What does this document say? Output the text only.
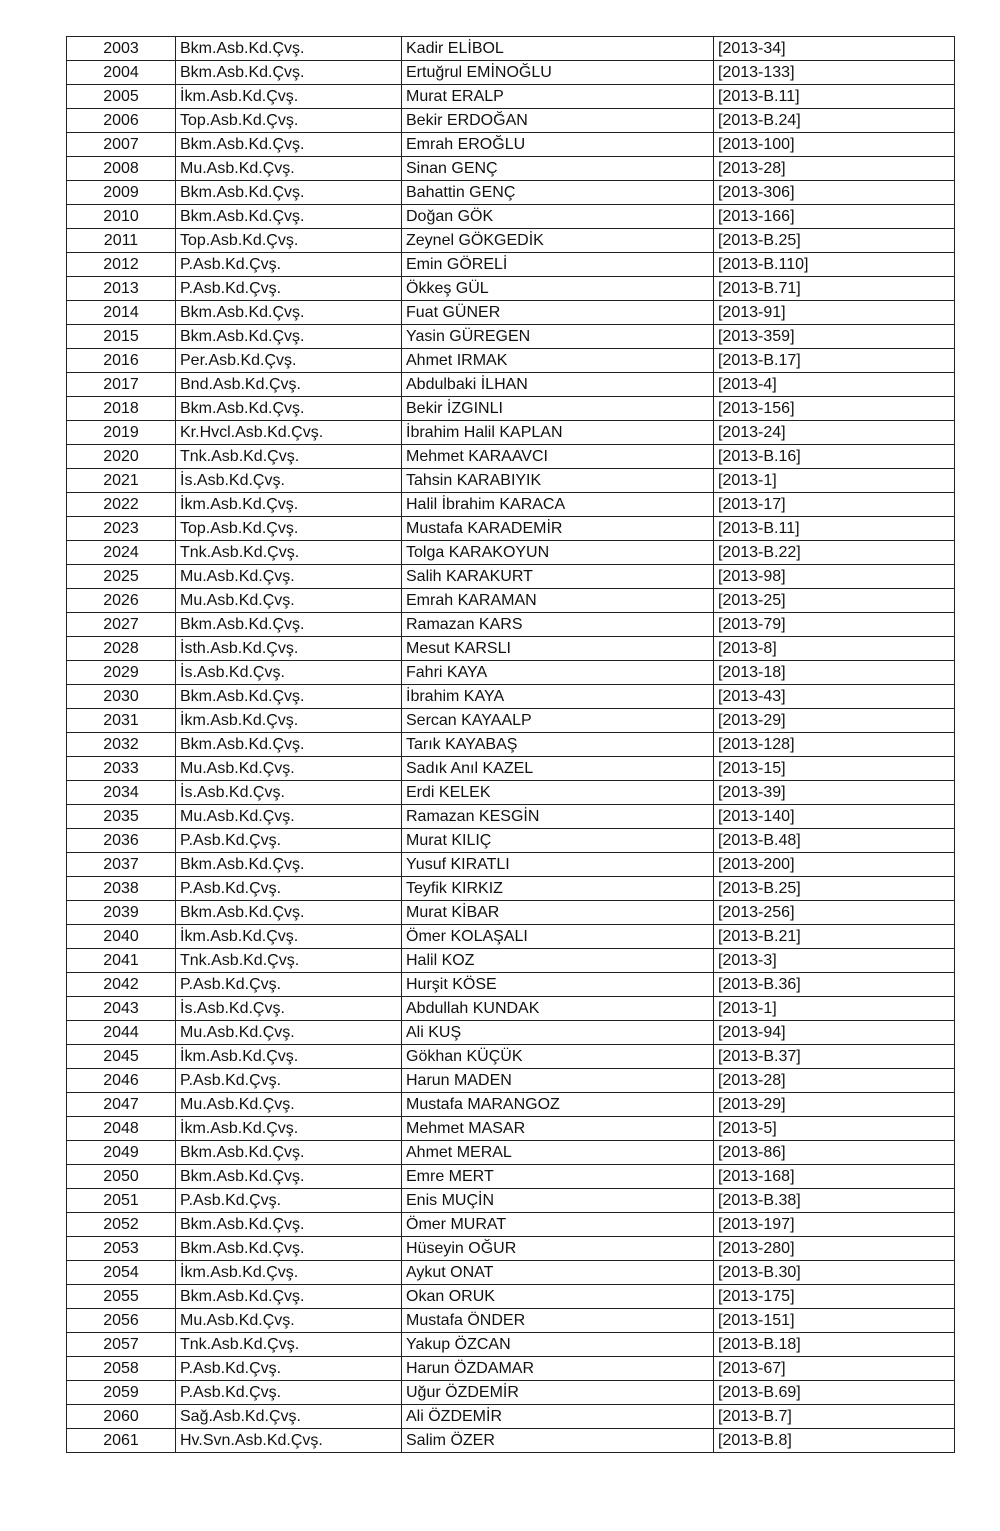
2003	Bkm.Asb.Kd.Çvş.	Kadir ELİBOL	[2013-34]
2004	Bkm.Asb.Kd.Çvş.	Ertuğrul EMİNOĞLU	[2013-133]
2005	İkm.Asb.Kd.Çvş.	Murat ERALP	[2013-B.11]
2006	Top.Asb.Kd.Çvş.	Bekir ERDOĞAN	[2013-B.24]
2007	Bkm.Asb.Kd.Çvş.	Emrah EROĞLU	[2013-100]
2008	Mu.Asb.Kd.Çvş.	Sinan GENÇ	[2013-28]
2009	Bkm.Asb.Kd.Çvş.	Bahattin GENÇ	[2013-306]
2010	Bkm.Asb.Kd.Çvş.	Doğan GÖK	[2013-166]
2011	Top.Asb.Kd.Çvş.	Zeynel GÖKGEDİK	[2013-B.25]
2012	P.Asb.Kd.Çvş.	Emin GÖRELİ	[2013-B.110]
2013	P.Asb.Kd.Çvş.	Ökkeş GÜL	[2013-B.71]
2014	Bkm.Asb.Kd.Çvş.	Fuat GÜNER	[2013-91]
2015	Bkm.Asb.Kd.Çvş.	Yasin GÜREGEN	[2013-359]
2016	Per.Asb.Kd.Çvş.	Ahmet IRMAK	[2013-B.17]
2017	Bnd.Asb.Kd.Çvş.	Abdulbaki İLHAN	[2013-4]
2018	Bkm.Asb.Kd.Çvş.	Bekir İZGINLI	[2013-156]
2019	Kr.Hvcl.Asb.Kd.Çvş.	İbrahim Halil KAPLAN	[2013-24]
2020	Tnk.Asb.Kd.Çvş.	Mehmet KARAAVCI	[2013-B.16]
2021	İs.Asb.Kd.Çvş.	Tahsin KARABIYIK	[2013-1]
2022	İkm.Asb.Kd.Çvş.	Halil İbrahim KARACA	[2013-17]
2023	Top.Asb.Kd.Çvş.	Mustafa KARADEMİR	[2013-B.11]
2024	Tnk.Asb.Kd.Çvş.	Tolga KARAKOYUN	[2013-B.22]
2025	Mu.Asb.Kd.Çvş.	Salih KARAKURT	[2013-98]
2026	Mu.Asb.Kd.Çvş.	Emrah KARAMAN	[2013-25]
2027	Bkm.Asb.Kd.Çvş.	Ramazan KARS	[2013-79]
2028	İsth.Asb.Kd.Çvş.	Mesut KARSLI	[2013-8]
2029	İs.Asb.Kd.Çvş.	Fahri KAYA	[2013-18]
2030	Bkm.Asb.Kd.Çvş.	İbrahim KAYA	[2013-43]
2031	İkm.Asb.Kd.Çvş.	Sercan KAYAALP	[2013-29]
2032	Bkm.Asb.Kd.Çvş.	Tarık KAYABAŞ	[2013-128]
2033	Mu.Asb.Kd.Çvş.	Sadık Anıl KAZEL	[2013-15]
2034	İs.Asb.Kd.Çvş.	Erdi KELEK	[2013-39]
2035	Mu.Asb.Kd.Çvş.	Ramazan KESGİN	[2013-140]
2036	P.Asb.Kd.Çvş.	Murat KILIÇ	[2013-B.48]
2037	Bkm.Asb.Kd.Çvş.	Yusuf KIRATLI	[2013-200]
2038	P.Asb.Kd.Çvş.	Teyfik KIRKIZ	[2013-B.25]
2039	Bkm.Asb.Kd.Çvş.	Murat KİBAR	[2013-256]
2040	İkm.Asb.Kd.Çvş.	Ömer KOLAŞALI	[2013-B.21]
2041	Tnk.Asb.Kd.Çvş.	Halil KOZ	[2013-3]
2042	P.Asb.Kd.Çvş.	Hurşit KÖSE	[2013-B.36]
2043	İs.Asb.Kd.Çvş.	Abdullah KUNDAK	[2013-1]
2044	Mu.Asb.Kd.Çvş.	Ali KUŞ	[2013-94]
2045	İkm.Asb.Kd.Çvş.	Gökhan KÜÇÜK	[2013-B.37]
2046	P.Asb.Kd.Çvş.	Harun MADEN	[2013-28]
2047	Mu.Asb.Kd.Çvş.	Mustafa MARANGOZ	[2013-29]
2048	İkm.Asb.Kd.Çvş.	Mehmet MASAR	[2013-5]
2049	Bkm.Asb.Kd.Çvş.	Ahmet MERAL	[2013-86]
2050	Bkm.Asb.Kd.Çvş.	Emre MERT	[2013-168]
2051	P.Asb.Kd.Çvş.	Enis MUÇİN	[2013-B.38]
2052	Bkm.Asb.Kd.Çvş.	Ömer MURAT	[2013-197]
2053	Bkm.Asb.Kd.Çvş.	Hüseyin OĞUR	[2013-280]
2054	İkm.Asb.Kd.Çvş.	Aykut ONAT	[2013-B.30]
2055	Bkm.Asb.Kd.Çvş.	Okan ORUK	[2013-175]
2056	Mu.Asb.Kd.Çvş.	Mustafa ÖNDER	[2013-151]
2057	Tnk.Asb.Kd.Çvş.	Yakup ÖZCAN	[2013-B.18]
2058	P.Asb.Kd.Çvş.	Harun ÖZDAMAR	[2013-67]
2059	P.Asb.Kd.Çvş.	Uğur ÖZDEMİR	[2013-B.69]
2060	Sağ.Asb.Kd.Çvş.	Ali ÖZDEMİR	[2013-B.7]
2061	Hv.Svn.Asb.Kd.Çvş.	Salim ÖZER	[2013-B.8]
